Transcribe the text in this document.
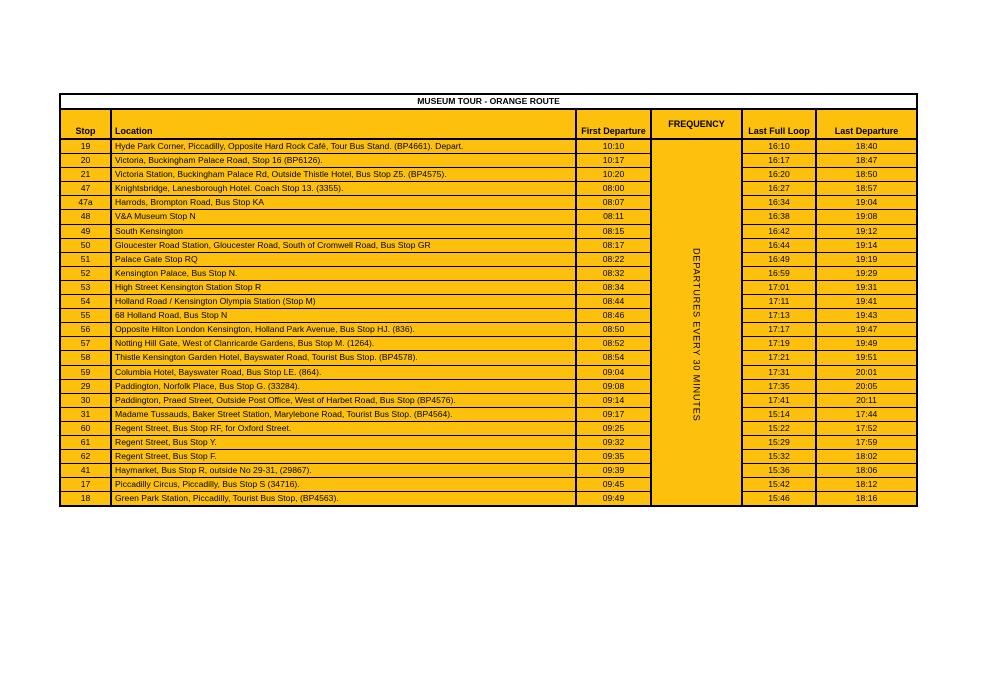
MUSEUM TOUR - ORANGE ROUTE					
Stop	Location	First Departure	FREQUENCY	Last Full Loop	Last Departure
19	Hyde Park Corner, Piccadilly, Opposite Hard Rock Café, Tour Bus Stand. (BP4661). Depart.	10:10	DEPARTURES EVERY 30 MINUTES	16:10	18:40
20	Victoria, Buckingham Palace Road, Stop 16 (BP6126).	10:17		16:17	18:47
21	Victoria Station, Buckingham Palace Rd, Outside Thistle Hotel, Bus Stop Z5. (BP4575).	10:20		16:20	18:50
47	Knightsbridge, Lanesborough Hotel. Coach Stop 13. (3355).	08:00		16:27	18:57
47a	Harrods, Brompton Road, Bus Stop KA	08:07		16:34	19:04
48	V&A Museum Stop N	08:11		16:38	19:08
49	South Kensington	08:15		16:42	19:12
50	Gloucester Road Station, Gloucester Road, South of Cromwell Road, Bus Stop GR	08:17		16:44	19:14
51	Palace Gate Stop RQ	08:22		16:49	19:19
52	Kensington Palace, Bus Stop N.	08:32		16:59	19:29
53	High Street Kensington Station Stop R	08:34		17:01	19:31
54	Holland Road / Kensington Olympia Station (Stop M)	08:44		17:11	19:41
55	68 Holland Road, Bus Stop N	08:46		17:13	19:43
56	Opposite Hilton London Kensington, Holland Park Avenue, Bus Stop HJ. (836).	08:50		17:17	19:47
57	Notting Hill Gate, West of Clanricarde Gardens, Bus Stop M. (1264).	08:52		17:19	19:49
58	Thistle Kensington Garden Hotel, Bayswater Road, Tourist Bus Stop. (BP4578).	08:54		17:21	19:51
59	Columbia Hotel, Bayswater Road, Bus Stop LE. (864).	09:04		17:31	20:01
29	Paddington, Norfolk Place, Bus Stop G. (33284).	09:08		17:35	20:05
30	Paddington, Praed Street, Outside Post Office, West of Harbet Road, Bus Stop (BP4576).	09:14		17:41	20:11
31	Madame Tussauds, Baker Street Station, Marylebone Road, Tourist Bus Stop. (BP4564).	09:17		15:14	17:44
60	Regent Street, Bus Stop RF, for Oxford Street.	09:25		15:22	17:52
61	Regent Street, Bus Stop Y.	09:32		15:29	17:59
62	Regent Street, Bus Stop F.	09:35		15:32	18:02
41	Haymarket, Bus Stop R, outside No 29-31, (29867).	09:39		15:36	18:06
17	Piccadilly Circus, Piccadilly, Bus Stop S (34716).	09:45		15:42	18:12
18	Green Park Station, Piccadilly, Tourist Bus Stop, (BP4563).	09:49		15:46	18:16
